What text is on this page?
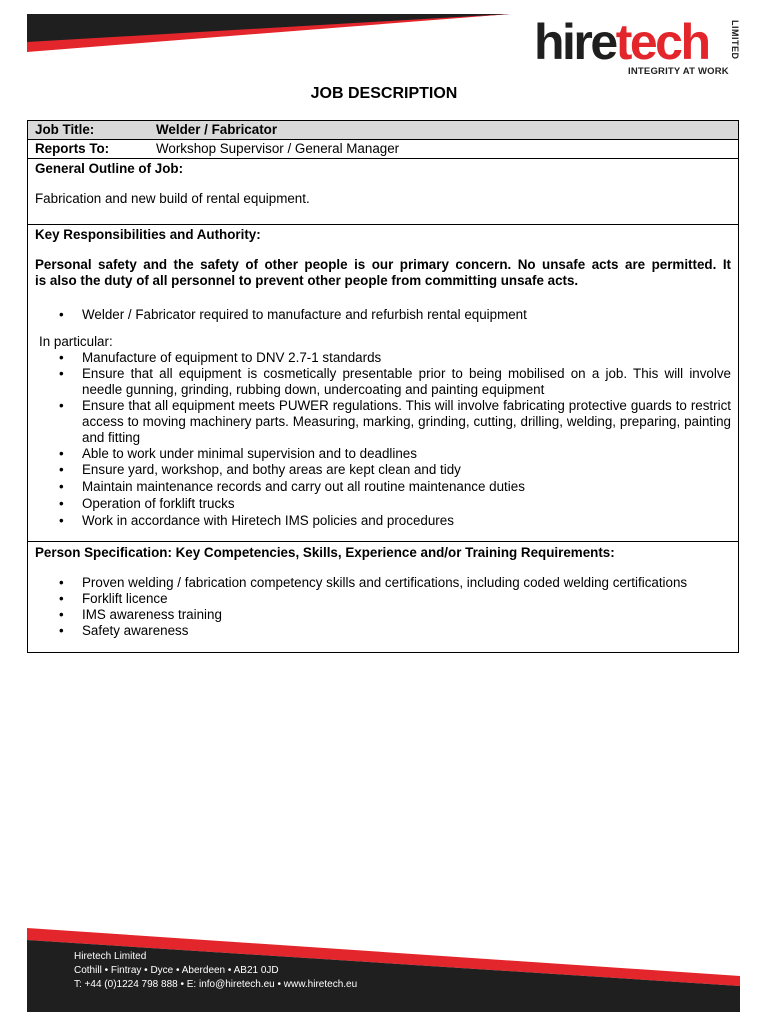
hiretech LIMITED
INTEGRITY AT WORK
JOB DESCRIPTION
Job Title:	Welder / Fabricator
Reports To:	Workshop Supervisor / General Manager
General Outline of Job:

Fabrication and new build of rental equipment.

Key Responsibilities and Authority:

Personal safety and the safety of other people is our primary concern. No unsafe acts are permitted. It

is also the duty of all personnel to prevent other people from committing unsafe acts.

• Welder / Fabricator required to manufacture and refurbish rental equipment

In particular:

• Manufacture of equipment to DNV 2.7-1 standards
• Ensure that all equipment is cosmetically presentable prior to being mobilised on a job. This will involve needle gunning, grinding, rubbing down, undercoating and painting equipment
• Ensure that all equipment meets PUWER regulations. This will involve fabricating protective guards to restrict access to moving machinery parts. Measuring, marking, grinding, cutting, drilling, welding, preparing, painting and fitting
• Able to work under minimal supervision and to deadlines
• Ensure yard, workshop, and bothy areas are kept clean and tidy
• Maintain maintenance records and carry out all routine maintenance duties
• Operation of forklift trucks
• Work in accordance with Hiretech IMS policies and procedures
Person Specification: Key Competencies, Skills, Experience and/or Training Requirements:
• Proven welding / fabrication competency skills and certifications, including coded welding certifications
• Forklift licence
• IMS awareness training
• Safety awareness
Hiretech Limited
Cothill • Fintray • Dyce • Aberdeen • AB21 0JD
T: +44 (0)1224 798 888 • E: info@hiretech.eu • www.hiretech.eu
